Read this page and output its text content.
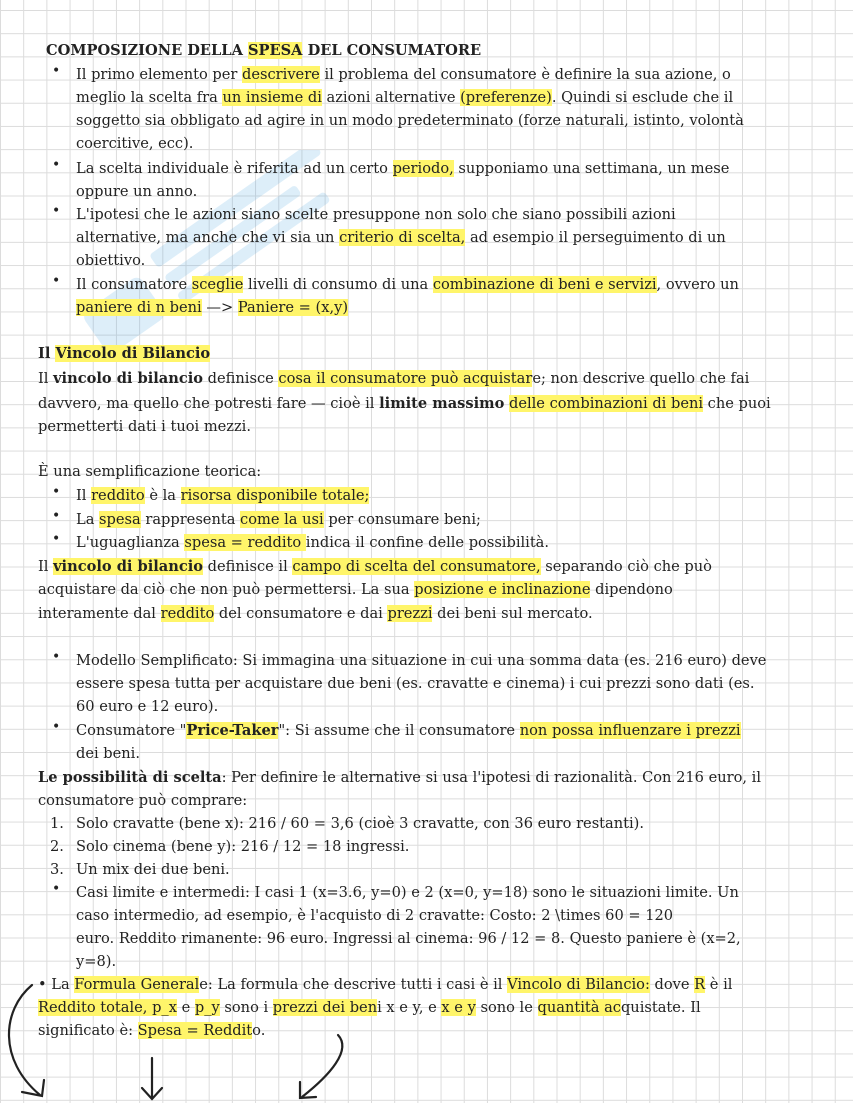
COMPOSIZIONE DELLA SPESA DEL CONSUMATORE
• Il primo elemento per descrivere il problema del consumatore è definire la sua azione, o
meglio la scelta fra un insieme di azioni alternative (preferenze). Quindi si esclude che il
soggetto sia obbligato ad agire in un modo predeterminato (forze naturali, istinto, volontà
coercitive, ecc).
• La scelta individuale è riferita ad un certo periodo, supponiamo una settimana, un mese
oppure un anno.
• L'ipotesi che le azioni siano scelte presuppone non solo che siano possibili azioni
alternative, ma anche che vi sia un criterio di scelta, ad esempio il perseguimento di un
obiettivo.
• Il consumatore sceglie livelli di consumo di una combinazione di beni e servizi, ovvero un
paniere di n beni —> Paniere = (x,y)
Il Vincolo di Bilancio
Il vincolo di bilancio definisce cosa il consumatore può acquistare; non descrive quello che fai
davvero, ma quello che potresti fare — cioè il limite massimo delle combinazioni di beni che puoi
permetterti dati i tuoi mezzi.
È una semplificazione teorica:
• Il reddito è la risorsa disponibile totale;
• La spesa rappresenta come la usi per consumare beni;
• L'uguaglianza spesa = reddito indica il confine delle possibilità.
Il vincolo di bilancio definisce il campo di scelta del consumatore, separando ciò che può
acquistare da ciò che non può permettersi. La sua posizione e inclinazione dipendono
interamente dal reddito del consumatore e dai prezzi dei beni sul mercato.
• Modello Semplificato: Si immagina una situazione in cui una somma data (es. 216 euro) deve
essere spesa tutta per acquistare due beni (es. cravatte e cinema) i cui prezzi sono dati (es.
60 euro e 12 euro).
• Consumatore "Price-Taker": Si assume che il consumatore non possa influenzare i prezzi
dei beni.
Le possibilità di scelta: Per definire le alternative si usa l'ipotesi di razionalità. Con 216 euro, il
consumatore può comprare:
1. Solo cravatte (bene x): 216 / 60 = 3,6 (cioè 3 cravatte, con 36 euro restanti).
2. Solo cinema (bene y): 216 / 12 = 18 ingressi.
3. Un mix dei due beni.
• Casi limite e intermedi: I casi 1 (x=3.6, y=0) e 2 (x=0, y=18) sono le situazioni limite. Un
caso intermedio, ad esempio, è l'acquisto di 2 cravatte: Costo: 2 \times 60 = 120
euro. Reddito rimanente: 96 euro. Ingressi al cinema: 96 / 12 = 8. Questo paniere è (x=2,
y=8).
• La Formula Generale: La formula che descrive tutti i casi è il Vincolo di Bilancio: dove R è il
Reddito totale, p_x e p_y sono i prezzi dei beni x e y, e x e y sono le quantità acquistate. Il
significato è: Spesa = Reddito.
